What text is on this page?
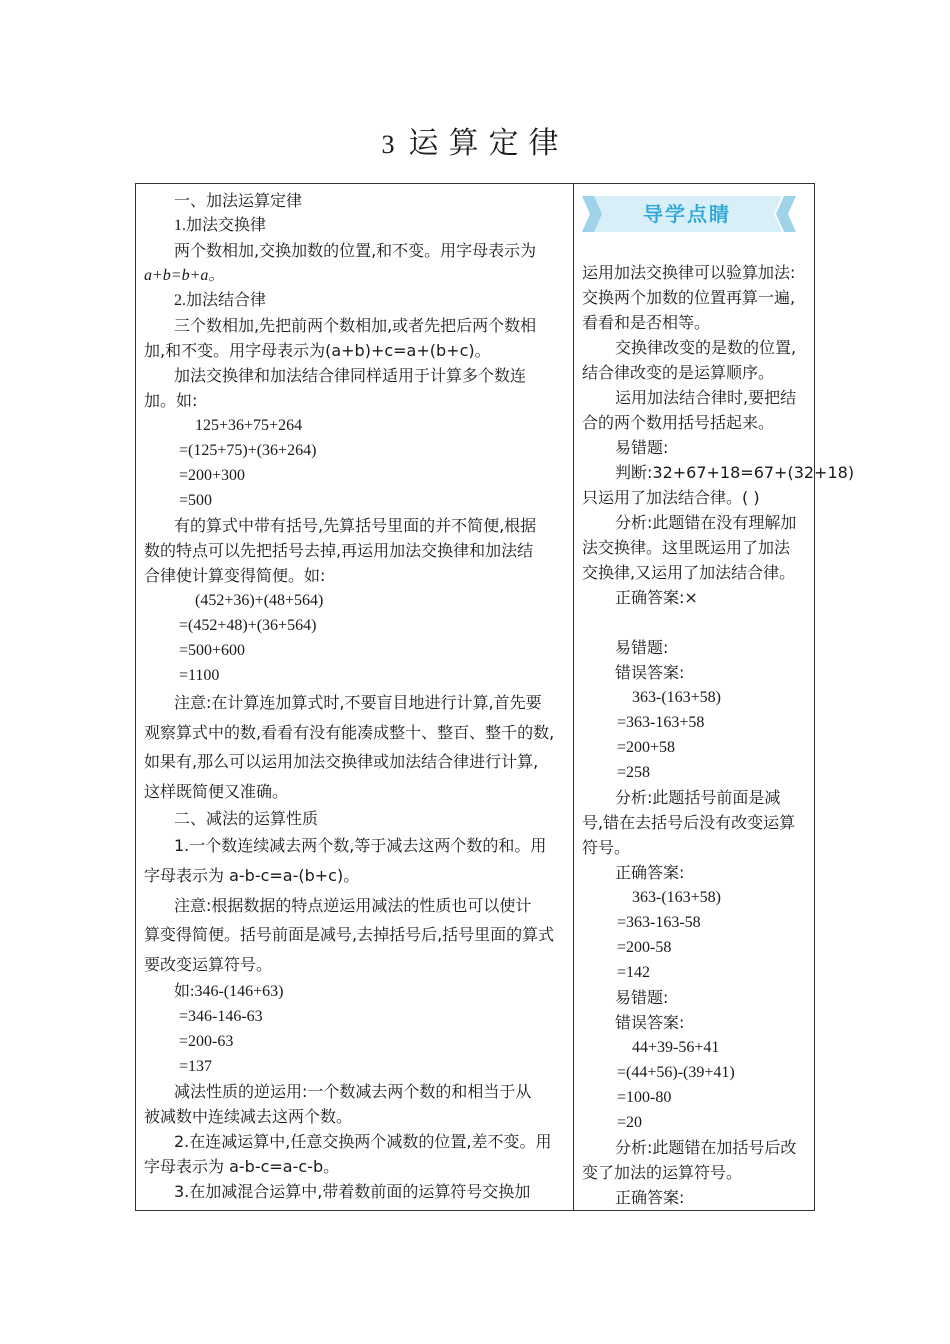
3 运算定律
一、加法运算定律
1.加法交换律
两个数相加,交换加数的位置,和不变。用字母表示为
a+b=b+a。
2.加法结合律
三个数相加,先把前两个数相加,或者先把后两个数相
加,和不变。用字母表示为(a+b)+c=a+(b+c)。
加法交换律和加法结合律同样适用于计算多个数连
加。如:
125+36+75+264
=(125+75)+(36+264)
=200+300
=500
有的算式中带有括号,先算括号里面的并不简便,根据
数的特点可以先把括号去掉,再运用加法交换律和加法结
合律使计算变得简便。如:
(452+36)+(48+564)
=(452+48)+(36+564)
=500+600
=1100
注意:在计算连加算式时,不要盲目地进行计算,首先要
观察算式中的数,看看有没有能凑成整十、整百、整千的数,
如果有,那么可以运用加法交换律或加法结合律进行计算,
这样既简便又准确。
二、减法的运算性质
1.一个数连续减去两个数,等于减去这两个数的和。用
字母表示为 a-b-c=a-(b+c)。
注意:根据数据的特点逆运用减法的性质也可以使计
算变得简便。括号前面是减号,去掉括号后,括号里面的算式
要改变运算符号。
如:346-(146+63)
=346-146-63
=200-63
=137
减法性质的逆运用:一个数减去两个数的和相当于从
被减数中连续减去这两个数。
2.在连减运算中,任意交换两个减数的位置,差不变。用
字母表示为 a-b-c=a-c-b。
3.在加减混合运算中,带着数前面的运算符号交换加
导学点睛
运用加法交换律可以验算加法:
交换两个加数的位置再算一遍,
看看和是否相等。
交换律改变的是数的位置,
结合律改变的是运算顺序。
运用加法结合律时,要把结
合的两个数用括号括起来。
易错题:
判断:32+67+18=67+(32+18)
只运用了加法结合律。( )
分析:此题错在没有理解加
法交换律。这里既运用了加法
交换律,又运用了加法结合律。
正确答案:×
易错题:
错误答案:
363-(163+58)
=363-163+58
=200+58
=258
分析:此题括号前面是减
号,错在去括号后没有改变运算
符号。
正确答案:
363-(163+58)
=363-163-58
=200-58
=142
易错题:
错误答案:
44+39-56+41
=(44+56)-(39+41)
=100-80
=20
分析:此题错在加括号后改
变了加法的运算符号。
正确答案:
